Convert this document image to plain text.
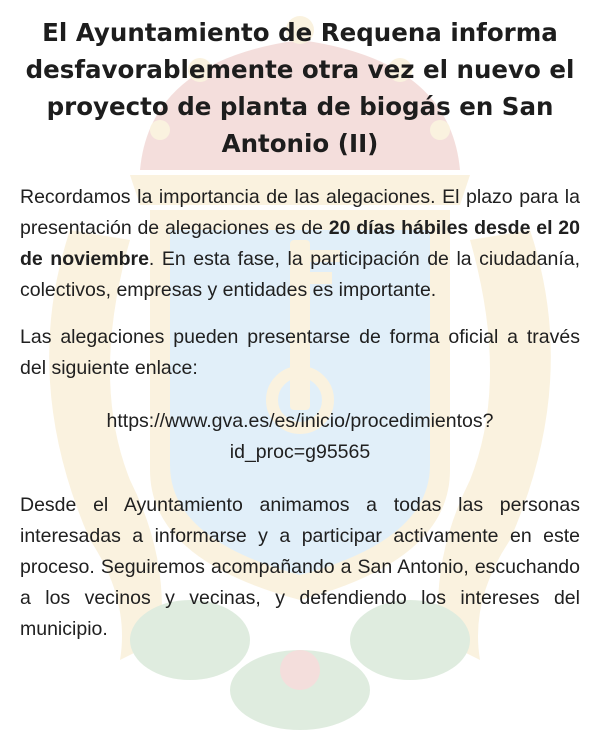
El Ayuntamiento de Requena informa desfavorablemente otra vez el nuevo el proyecto de planta de biogás en San Antonio (II)

Recordamos la importancia de las alegaciones. El plazo para la presentación de alegaciones es de 20 días hábiles desde el 20 de noviembre. En esta fase, la participación de la ciudadanía, colectivos, empresas y entidades es importante.

Las alegaciones pueden presentarse de forma oficial a través del siguiente enlace:

https://www.gva.es/es/inicio/procedimientos?
id_proc=g95565

Desde el Ayuntamiento animamos a todas las personas interesadas a informarse y a participar activamente en este proceso. Seguiremos acompañando a San Antonio, escuchando a los vecinos y vecinas, y defendiendo los intereses del municipio.
